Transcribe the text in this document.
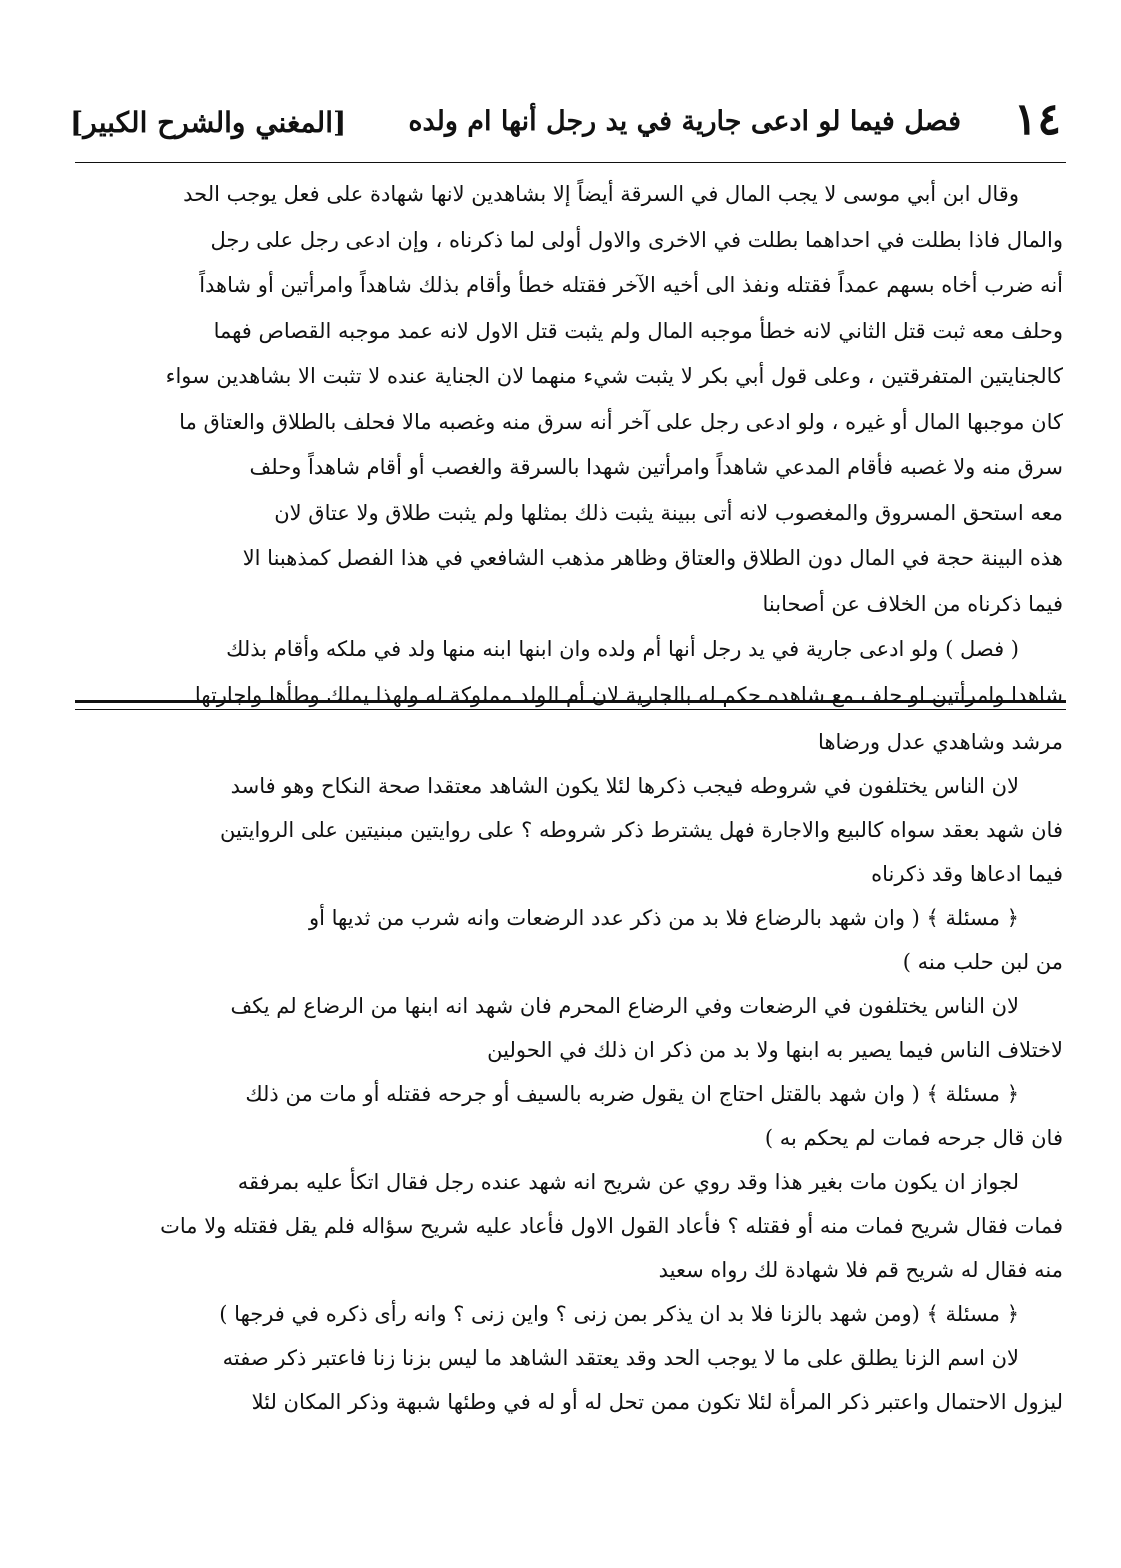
١٤
فصل فيما لو ادعى جارية في يد رجل أنها ام ولده
[المغني والشرح الكبير]
وقال ابن أبي موسى لا يجب المال في السرقة أيضاً إلا بشاهدين لانها شهادة على فعل يوجب الحد
والمال فاذا بطلت في احداهما بطلت في الاخرى والاول أولى لما ذكرناه ، وإن ادعى رجل على رجل
أنه ضرب أخاه بسهم عمداً فقتله ونفذ الى أخيه الآخر فقتله خطأ وأقام بذلك شاهداً وامرأتين أو شاهداً
وحلف معه ثبت قتل الثاني لانه خطأ موجبه المال ولم يثبت قتل الاول لانه عمد موجبه القصاص فهما
كالجنايتين المتفرقتين ، وعلى قول أبي بكر لا يثبت شيء منهما لان الجناية عنده لا تثبت الا بشاهدين سواء
كان موجبها المال أو غيره ، ولو ادعى رجل على آخر أنه سرق منه وغصبه مالا فحلف بالطلاق والعتاق ما
سرق منه ولا غصبه فأقام المدعي شاهداً وامرأتين شهدا بالسرقة والغصب أو أقام شاهداً وحلف
معه استحق المسروق والمغصوب لانه أتى ببينة يثبت ذلك بمثلها ولم يثبت طلاق ولا عتاق لان
هذه البينة حجة في المال دون الطلاق والعتاق وظاهر مذهب الشافعي في هذا الفصل كمذهبنا الا
فيما ذكرناه من الخلاف عن أصحابنا
( فصل ) ولو ادعى جارية في يد رجل أنها أم ولده وان ابنها ابنه منها ولد في ملكه وأقام بذلك
شاهدا وامرأتين او حلف مع شاهده حكم له بالجارية لان أم الولد مملوكة له ولهذا يملك وطأها واجارتها
مرشد وشاهدي عدل ورضاها
لان الناس يختلفون في شروطه فيجب ذكرها لئلا يكون الشاهد معتقدا صحة النكاح وهو فاسد
فان شهد بعقد سواه كالبيع والاجارة فهل يشترط ذكر شروطه ؟ على روايتين مبنيتين على الروايتين
فيما ادعاها وقد ذكرناه
﴿ مسئلة ﴾ ( وان شهد بالرضاع فلا بد من ذكر عدد الرضعات وانه شرب من ثديها أو
من لبن حلب منه )
لان الناس يختلفون في الرضعات وفي الرضاع المحرم فان شهد انه ابنها من الرضاع لم يكف
لاختلاف الناس فيما يصير به ابنها ولا بد من ذكر ان ذلك في الحولين
﴿ مسئلة ﴾ ( وان شهد بالقتل احتاج ان يقول ضربه بالسيف أو جرحه فقتله أو مات من ذلك
فان قال جرحه فمات لم يحكم به )
لجواز ان يكون مات بغير هذا وقد روي عن شريح انه شهد عنده رجل فقال اتكأ عليه بمرفقه
فمات فقال شريح فمات منه أو فقتله ؟ فأعاد القول الاول فأعاد عليه شريح سؤاله فلم يقل فقتله ولا مات
منه فقال له شريح قم فلا شهادة لك رواه سعيد
﴿ مسئلة ﴾ (ومن شهد بالزنا فلا بد ان يذكر بمن زنى ؟ واين زنى ؟ وانه رأى ذكره في فرجها )
لان اسم الزنا يطلق على ما لا يوجب الحد وقد يعتقد الشاهد ما ليس بزنا زنا فاعتبر ذكر صفته
ليزول الاحتمال واعتبر ذكر المرأة لئلا تكون ممن تحل له أو له في وطئها شبهة وذكر المكان لئلا
